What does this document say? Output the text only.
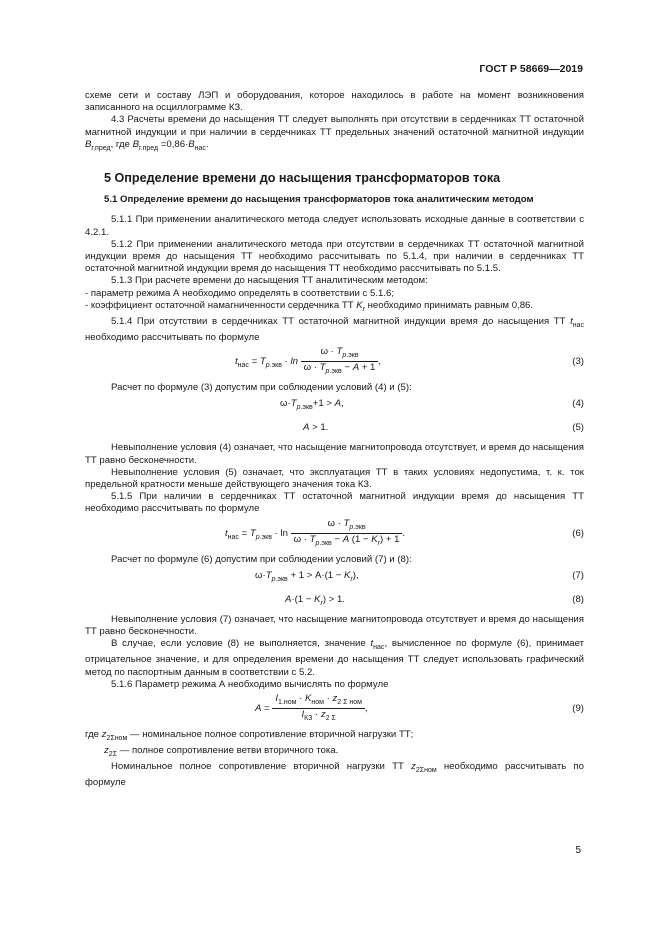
ГОСТ Р 58669—2019

схеме сети и составу ЛЭП и оборудования, которое находилось в работе на момент возникновения записанного на осциллограмме КЗ.

4.3 Расчеты времени до насыщения ТТ следует выполнять при отсутствии в сердечниках ТТ остаточной магнитной индукции и при наличии в сердечниках ТТ предельных значений остаточной магнитной индукции $B_{г.пред}$, где $B_{г.пред} =0,86\cdot B_{нас}$.

5 Определение времени до насыщения трансформаторов тока
5.1 Определение времени до насыщения трансформаторов тока аналитическим методом

5.1.1 При применении аналитического метода следует использовать исходные данные в соответствии с 4.2.1.

5.1.2 При применении аналитического метода при отсутствии в сердечниках ТТ остаточной магнитной индукции время до насыщения ТТ необходимо рассчитывать по 5.1.4, при наличии в сердечниках ТТ остаточной магнитной индукции время до насыщения ТТ необходимо рассчитывать по 5.1.5.

5.1.3 При расчете времени до насыщения ТТ аналитическим методом:

- параметр режима А необходимо определять в соответствии с 5.1.6;

- коэффициент остаточной намагниченности сердечника ТТ $K_r$ необходимо принимать равным 0,86.

5.1.4 При отсутствии в сердечниках ТТ остаточной магнитной индукции время до насыщения ТТ $t_{нас}$ необходимо рассчитывать по формуле

$t_{нас} = T_{р.экв} \cdot \ln \frac{\omega \cdot T_{р.экв}}{\omega \cdot T_{р.экв} - A + 1}$ ,	(3)

Расчет по формуле (3) допустим при соблюдении условий (4) и (5):

$\omega\cdot T_{р.экв}+1 > A$,	(4)
A > 1.	(5)

Невыполнение условия (4) означает, что насыщение магнитопровода отсутствует, и время до насыщения ТТ равно бесконечности.

Невыполнение условия (5) означает, что эксплуатация ТТ в таких условиях недопустима, т. к. ток предельной кратности меньше действующего значения тока КЗ.

5.1.5 При наличии в сердечниках ТТ остаточной магнитной индукции время до насыщения ТТ необходимо рассчитывать по формуле

$t_{нас} = T_{р.экв} \cdot \ln \frac{\omega \cdot T_{р.экв}}{\omega \cdot T_{р.экв} - A (1 - K_r) + 1}$ .	(6)

Расчет по формуле (6) допустим при соблюдении условий (7) и (8):

$\omega\cdot T_{р.экв} + 1 > A\cdot(1 - K_r)$,	(7)
$A\cdot(1 - K_r) > 1$.	(8)

Невыполнение условия (7) означает, что насыщение магнитопровода отсутствует и время до насыщения ТТ равно бесконечности.

В случае, если условие (8) не выполняется, значение $t_{нас}$, вычисленное по формуле (6), принимает отрицательное значение, и для определения времени до насыщения ТТ следует использовать графический метод по паспортным данным в соответствии с 5.2.

5.1.6 Параметр режима А необходимо вычислять по формуле

$A = \frac{I_{1.ном} \cdot K_{ном} \cdot z_{2 \Sigma ном}}{I_{КЗ} \cdot z_{2 \Sigma}}$ ,	(9)

где $z_{2\Sigma ном}$ — номинальное полное сопротивление вторичной нагрузки ТТ;

$z_{2\Sigma}$ — полное сопротивление ветви вторичного тока.

Номинальное полное сопротивление вторичной нагрузки ТТ $z_{2\Sigma ном}$ необходимо рассчитывать по формуле

5
